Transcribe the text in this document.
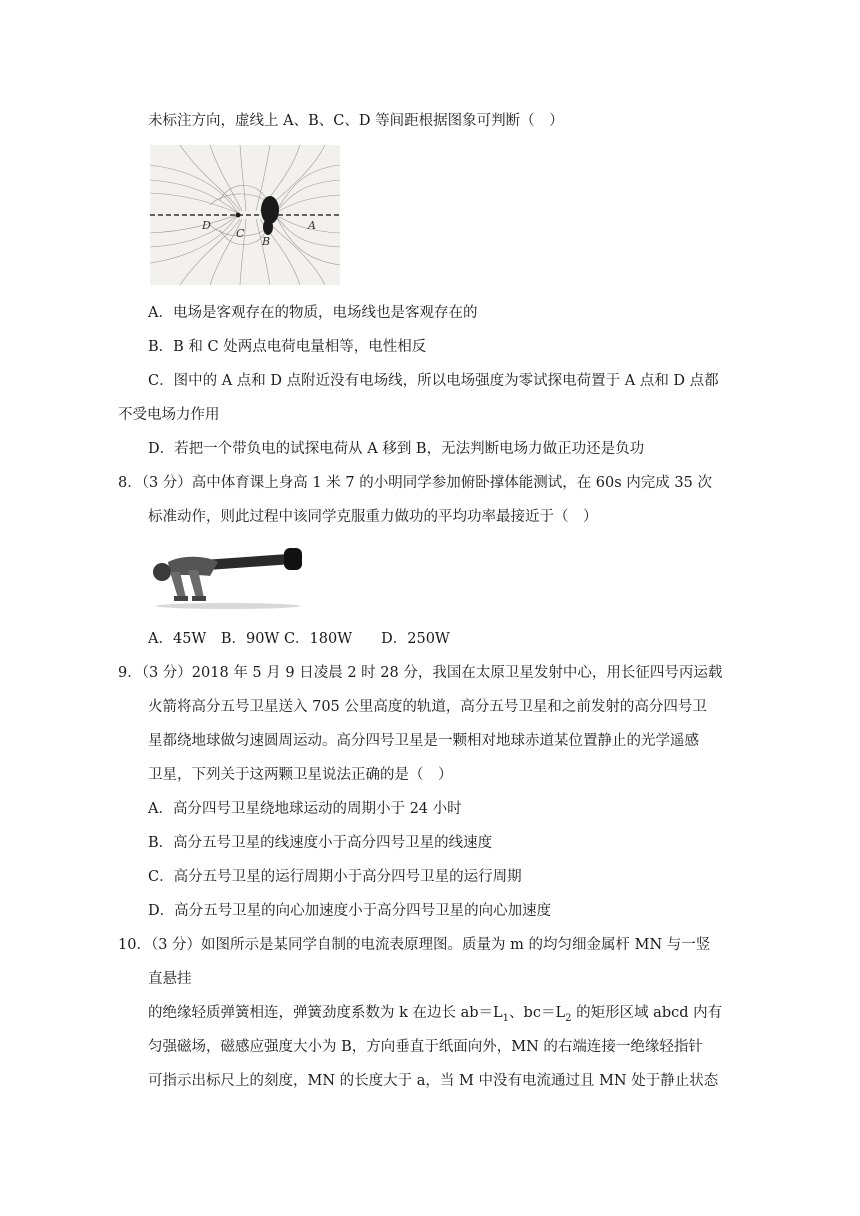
未标注方向，虚线上 A、B、C、D 等间距根据图象可判断（　）
D
C
B
A
A．电场是客观存在的物质，电场线也是客观存在的
B．B 和 C 处两点电荷电量相等，电性相反
C．图中的 A 点和 D 点附近没有电场线，所以电场强度为零试探电荷置于 A 点和 D 点都
不受电场力作用
D．若把一个带负电的试探电荷从 A 移到 B，无法判断电场力做正功还是负功
8．（3 分）高中体育课上身高 1 米 7 的小明同学参加俯卧撑体能测试，在 60s 内完成 35 次
标准动作，则此过程中该同学克服重力做功的平均功率最接近于（　）
A．45W　B．90W C．180W　　D．250W
9．（3 分）2018 年 5 月 9 日凌晨 2 时 28 分，我国在太原卫星发射中心，用长征四号丙运载
火箭将高分五号卫星送入 705 公里高度的轨道，高分五号卫星和之前发射的高分四号卫
星都绕地球做匀速圆周运动。高分四号卫星是一颗相对地球赤道某位置静止的光学遥感
卫星，下列关于这两颗卫星说法正确的是（　）
A．高分四号卫星绕地球运动的周期小于 24 小时
B．高分五号卫星的线速度小于高分四号卫星的线速度
C．高分五号卫星的运行周期小于高分四号卫星的运行周期
D．高分五号卫星的向心加速度小于高分四号卫星的向心加速度
10．（3 分）如图所示是某同学自制的电流表原理图。质量为 m 的均匀细金属杆 MN 与一竖
直悬挂
的绝缘轻质弹簧相连，弹簧劲度系数为 k 在边长 $ab=L_1$、$bc=L_2$ 的矩形区域 abcd 内有
匀强磁场，磁感应强度大小为 B，方向垂直于纸面向外，MN 的右端连接一绝缘轻指针
可指示出标尺上的刻度，MN 的长度大于 a，当 M 中没有电流通过且 MN 处于静止状态
